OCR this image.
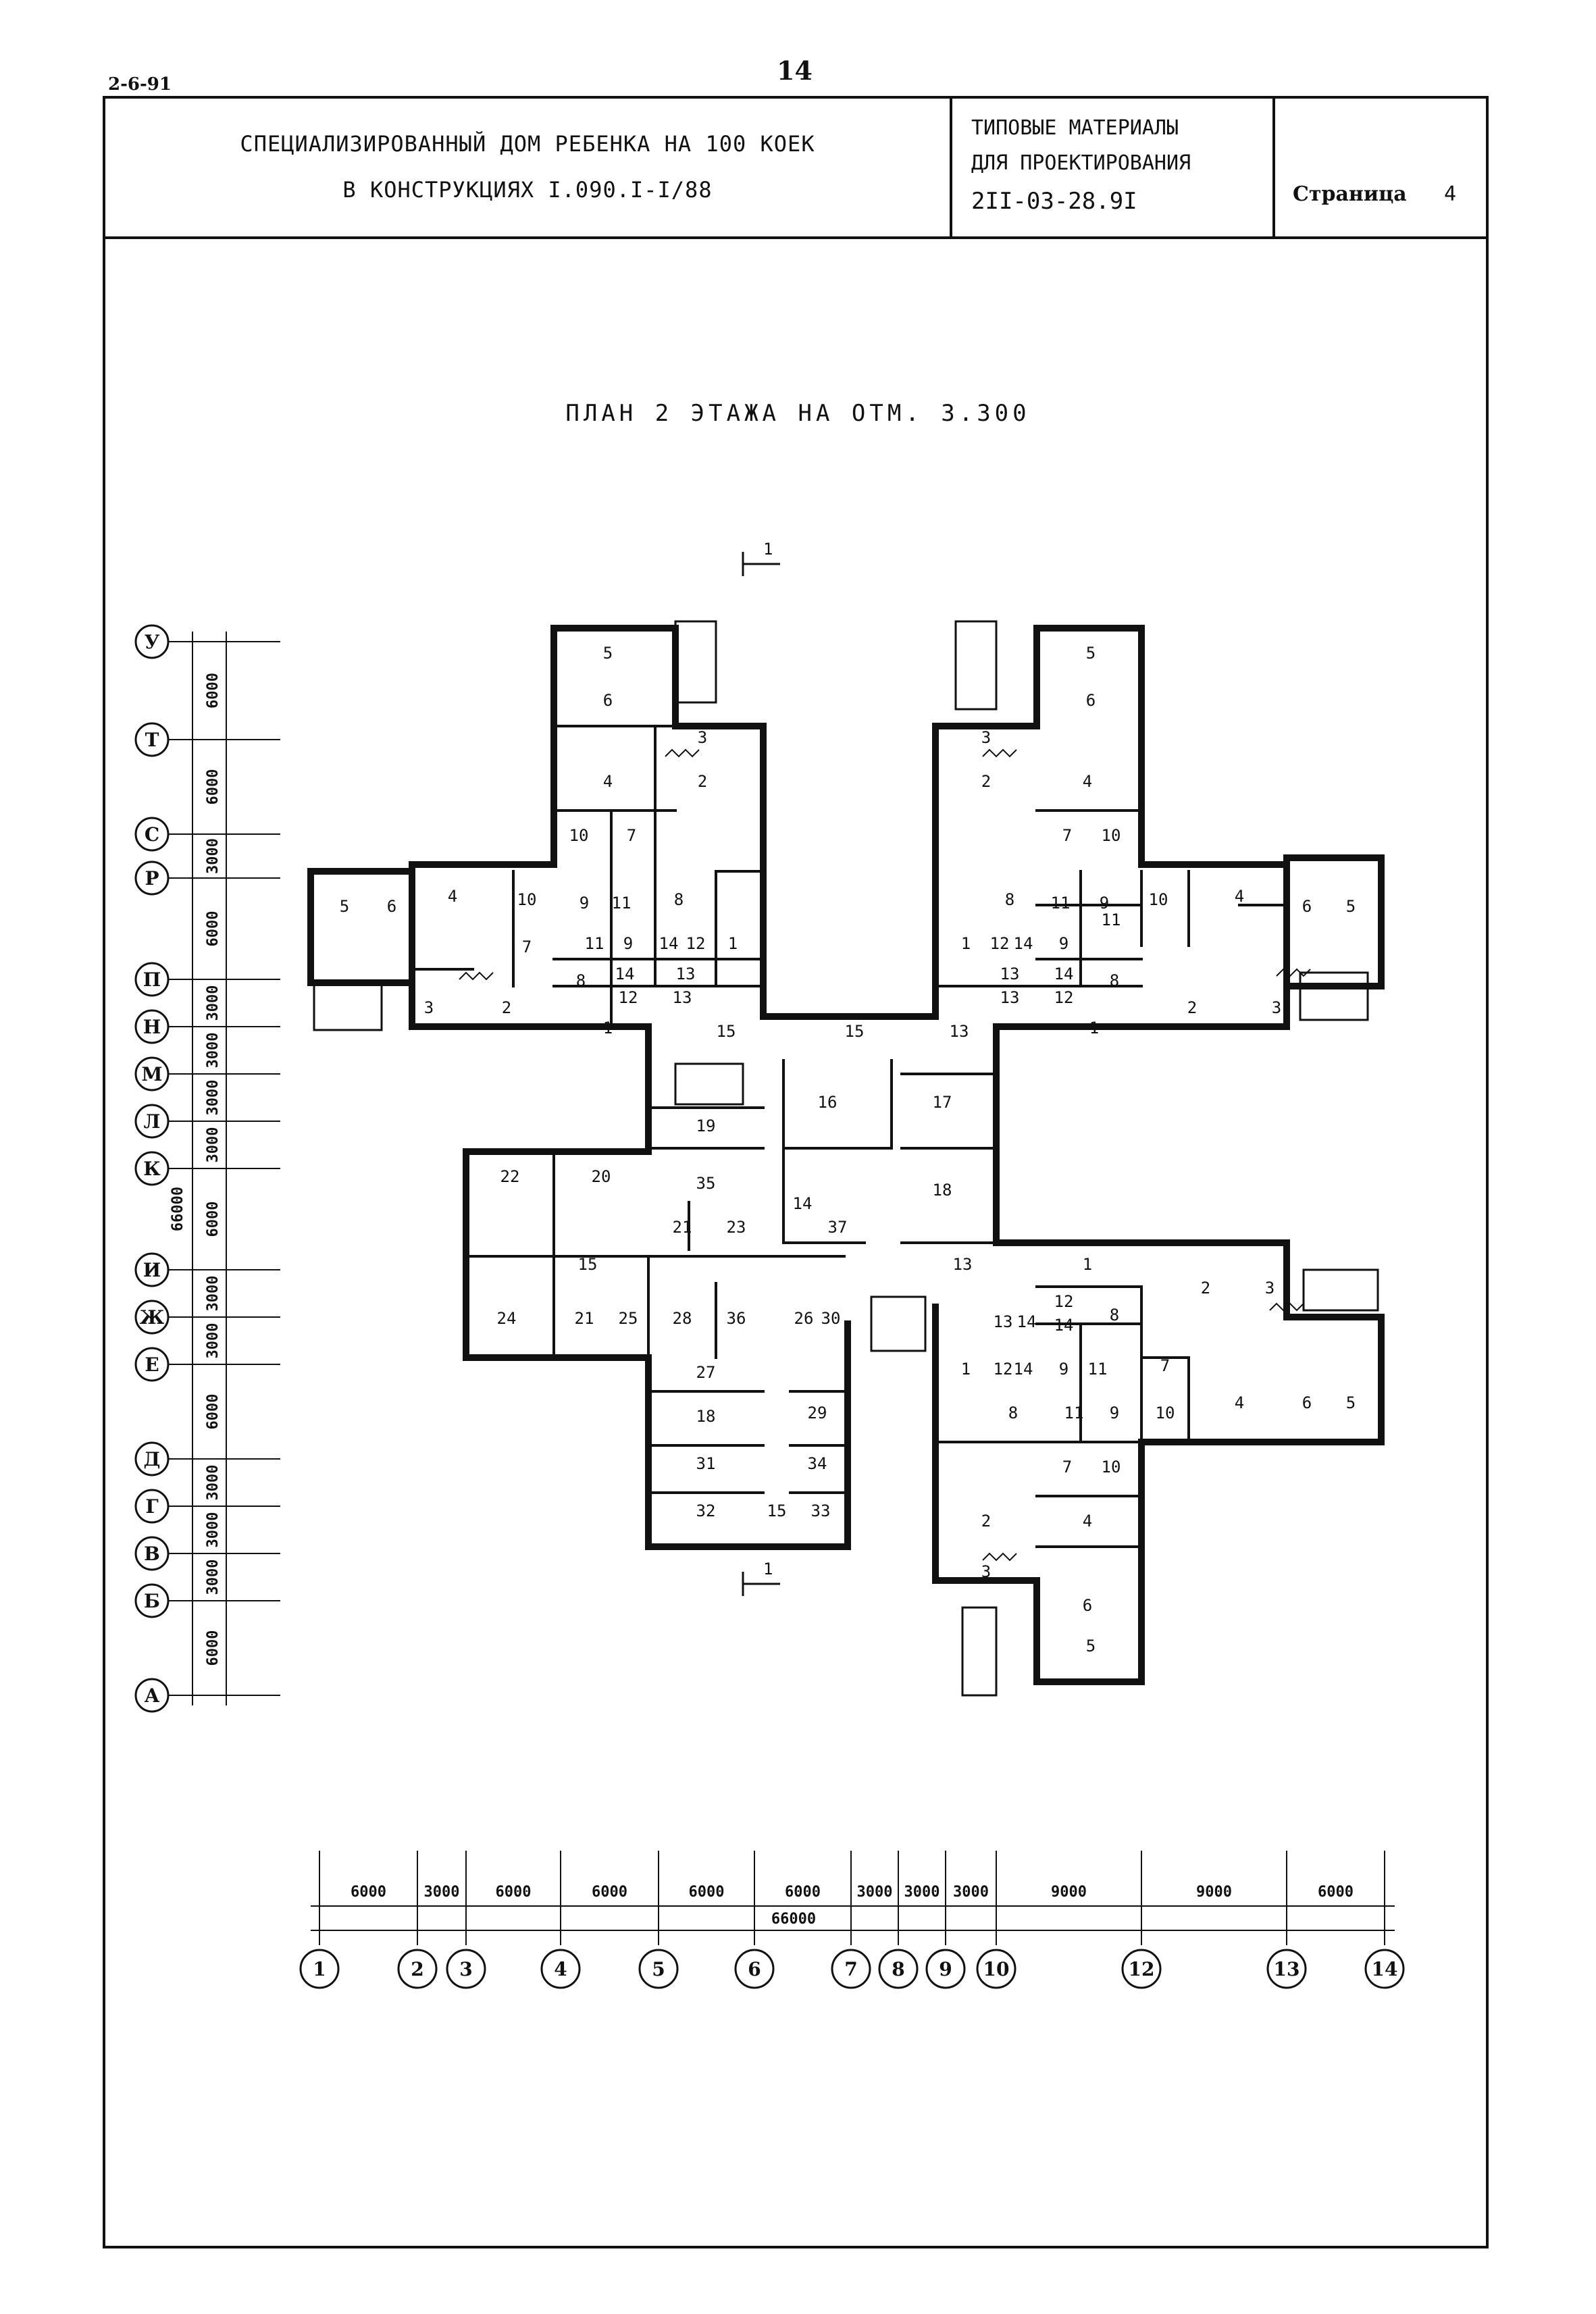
2-6-91	14
СПЕЦИАЛИЗИРОВАННЫЙ ДОМ РЕБЕНКА НА 100 КОЕК
В КОНСТРУКЦИЯХ I.090.I-I/88
ТИПОВЫЕ МАТЕРИАЛЫ
ДЛЯ ПРОЕКТИРОВАНИЯ
2II-03-28.9I	Страница 4
ПЛАН 2 ЭТАЖА НА ОТМ. 3.300
У
6000
Т
6000
С
3000
Р
6000
П
3000
Н
3000
М
3000
Л
3000
К
6000
И
3000
Ж
3000
Е
6000
Д
3000
Г
3000
В
3000
Б
6000
А
66000
1
6000
2
3000
3
6000
4
6000
5
6000
6
6000
7
3000
8
3000
9
3000
10
9000
12
9000
13
6000
14
66000
1
1
5
6
3
2
4
10 7
5 6
4	10
7
9 11	8
11 9 14 12 1
8 14	13
12 13
3	2
1	15	15	13
5
6
3
2	4
7 10
8 11 9
11
10	4
6 5
1 12 14 9
13 14 8
13 12
2	3
1
16	17
19
35
22	20
18
21 23
14
37
15	13	1
24	21 25 28 36	26 30
12
8
14
2	3
13 14
1 12 14 9 11	7
8	11 9 10
4	6 5
27
18	29
31	34	7 10
32	15 33
2	4
3
6
5
